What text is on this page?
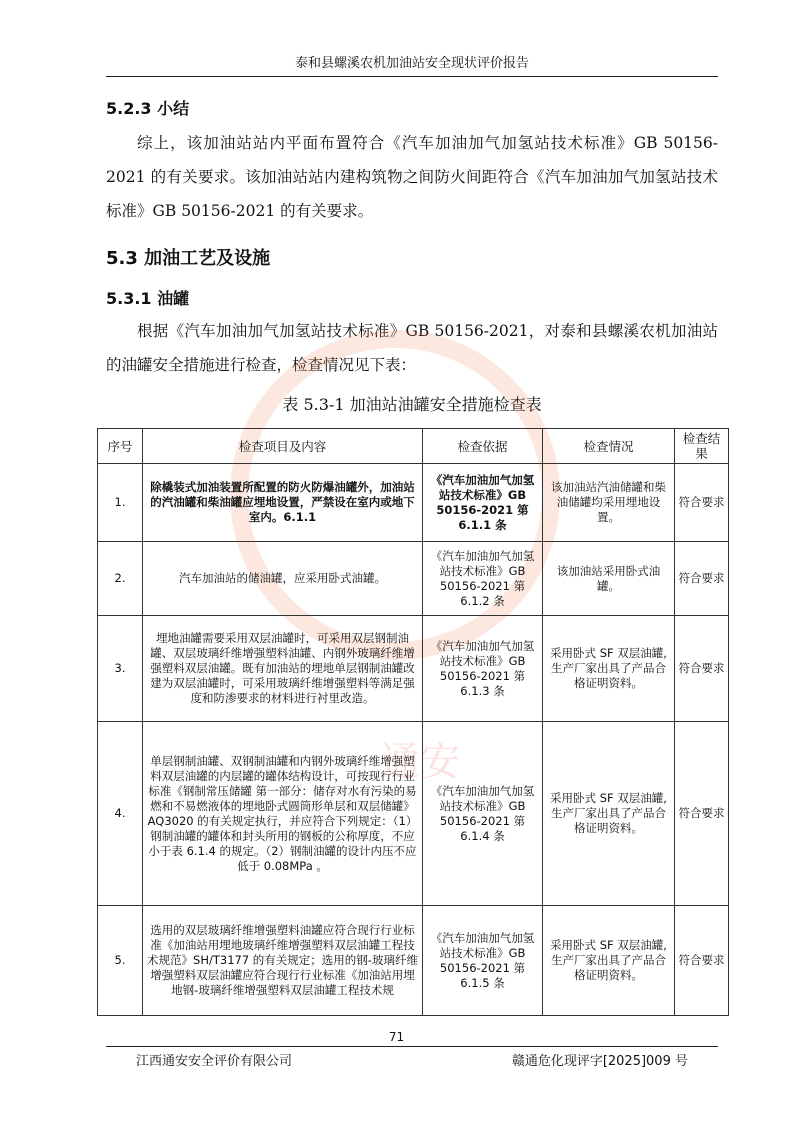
泰和县螺溪农机加油站安全现状评价报告
5.2.3 小结

综上，该加油站站内平面布置符合《汽车加油加气加氢站技术标准》GB 50156-2021 的有关要求。该加油站站内建构筑物之间防火间距符合《汽车加油加气加氢站技术标准》GB 50156-2021 的有关要求。

5.3 加油工艺及设施
5.3.1 油罐

根据《汽车加油加气加氢站技术标准》GB 50156-2021，对泰和县螺溪农机加油站的油罐安全措施进行检查，检查情况见下表：

表 5.3-1 加油站油罐安全措施检查表
通安
序号	检查项目及内容	检查依据	检查情况	检查结果
1.	除橇装式加油装置所配置的防火防爆油罐外，加油站的汽油罐和柴油罐应埋地设置，严禁设在室内或地下室内。6.1.1	《汽车加油加气加氢站技术标准》GB 50156-2021 第 6.1.1 条	该加油站汽油储罐和柴油储罐均采用埋地设置。	符合要求
2.	汽车加油站的储油罐，应采用卧式油罐。	《汽车加油加气加氢站技术标准》GB 50156-2021 第 6.1.2 条	该加油站采用卧式油罐。	符合要求
3.	埋地油罐需要采用双层油罐时，可采用双层钢制油罐、双层玻璃纤维增强塑料油罐、内钢外玻璃纤维增强塑料双层油罐。既有加油站的埋地单层钢制油罐改建为双层油罐时，可采用玻璃纤维增强塑料等满足强度和防渗要求的材料进行衬里改造。	《汽车加油加气加氢站技术标准》GB 50156-2021 第 6.1.3 条	采用卧式 SF 双层油罐,生产厂家出具了产品合格证明资料。	符合要求
4.	单层钢制油罐、双钢制油罐和内钢外玻璃纤维增强塑料双层油罐的内层罐的罐体结构设计，可按现行行业标准《钢制常压储罐 第一部分：储存对水有污染的易燃和不易燃液体的埋地卧式圆筒形单层和双层储罐》AQ3020 的有关规定执行，并应符合下列规定：（1）钢制油罐的罐体和封头所用的钢板的公称厚度，不应小于表 6.1.4 的规定。（2）钢制油罐的设计内压不应低于 0.08MPa 。	《汽车加油加气加氢站技术标准》GB 50156-2021 第 6.1.4 条	采用卧式 SF 双层油罐,生产厂家出具了产品合格证明资料。	符合要求
5.	选用的双层玻璃纤维增强塑料油罐应符合现行行业标准《加油站用埋地玻璃纤维增强塑料双层油罐工程技术规范》SH/T3177 的有关规定；选用的钢-玻璃纤维增强塑料双层油罐应符合现行行业标准《加油站用埋地钢-玻璃纤维增强塑料双层油罐工程技术规	《汽车加油加气加氢站技术标准》GB 50156-2021 第 6.1.5 条	采用卧式 SF 双层油罐,生产厂家出具了产品合格证明资料。	符合要求
71
江西通安安全评价有限公司	赣通危化现评字[2025]009 号
